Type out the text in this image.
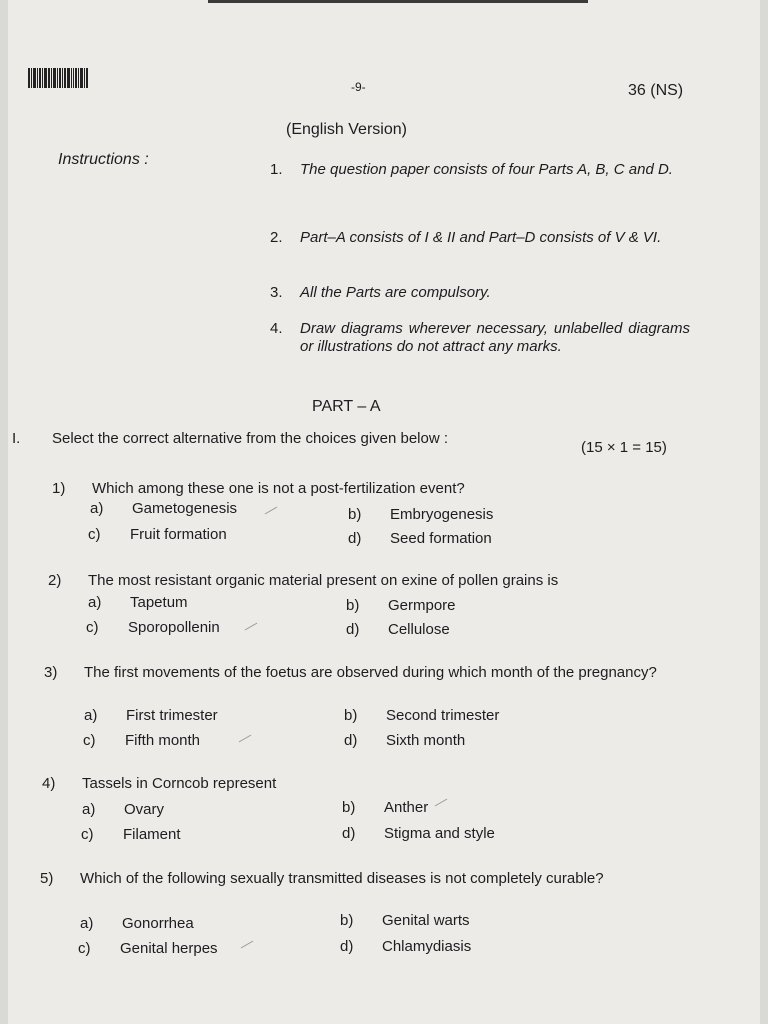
-9-	36 (NS)
(English Version)
Instructions :
1. The question paper consists of four Parts A, B, C and D.
2. Part–A consists of I & II and Part–D consists of V & VI.
3. All the Parts are compulsory.
4. Draw diagrams wherever necessary, unlabelled diagrams or illustrations do not attract any marks.
PART – A
I. Select the correct alternative from the choices given below :
(15 × 1 = 15)
1) Which among these one is not a post-fertilization event?
a) Gametogenesis	b) Embryogenesis
c) Fruit formation	d) Seed formation
2) The most resistant organic material present on exine of pollen grains is
a) Tapetum	b) Germpore
c) Sporopollenin	d) Cellulose
3) The first movements of the foetus are observed during which month of the pregnancy?
a) First trimester	b) Second trimester
c) Fifth month	d) Sixth month
4) Tassels in Corncob represent
a) Ovary	b) Anther
c) Filament	d) Stigma and style
5) Which of the following sexually transmitted diseases is not completely curable?
a) Gonorrhea	b) Genital warts
c) Genital herpes	d) Chlamydiasis
